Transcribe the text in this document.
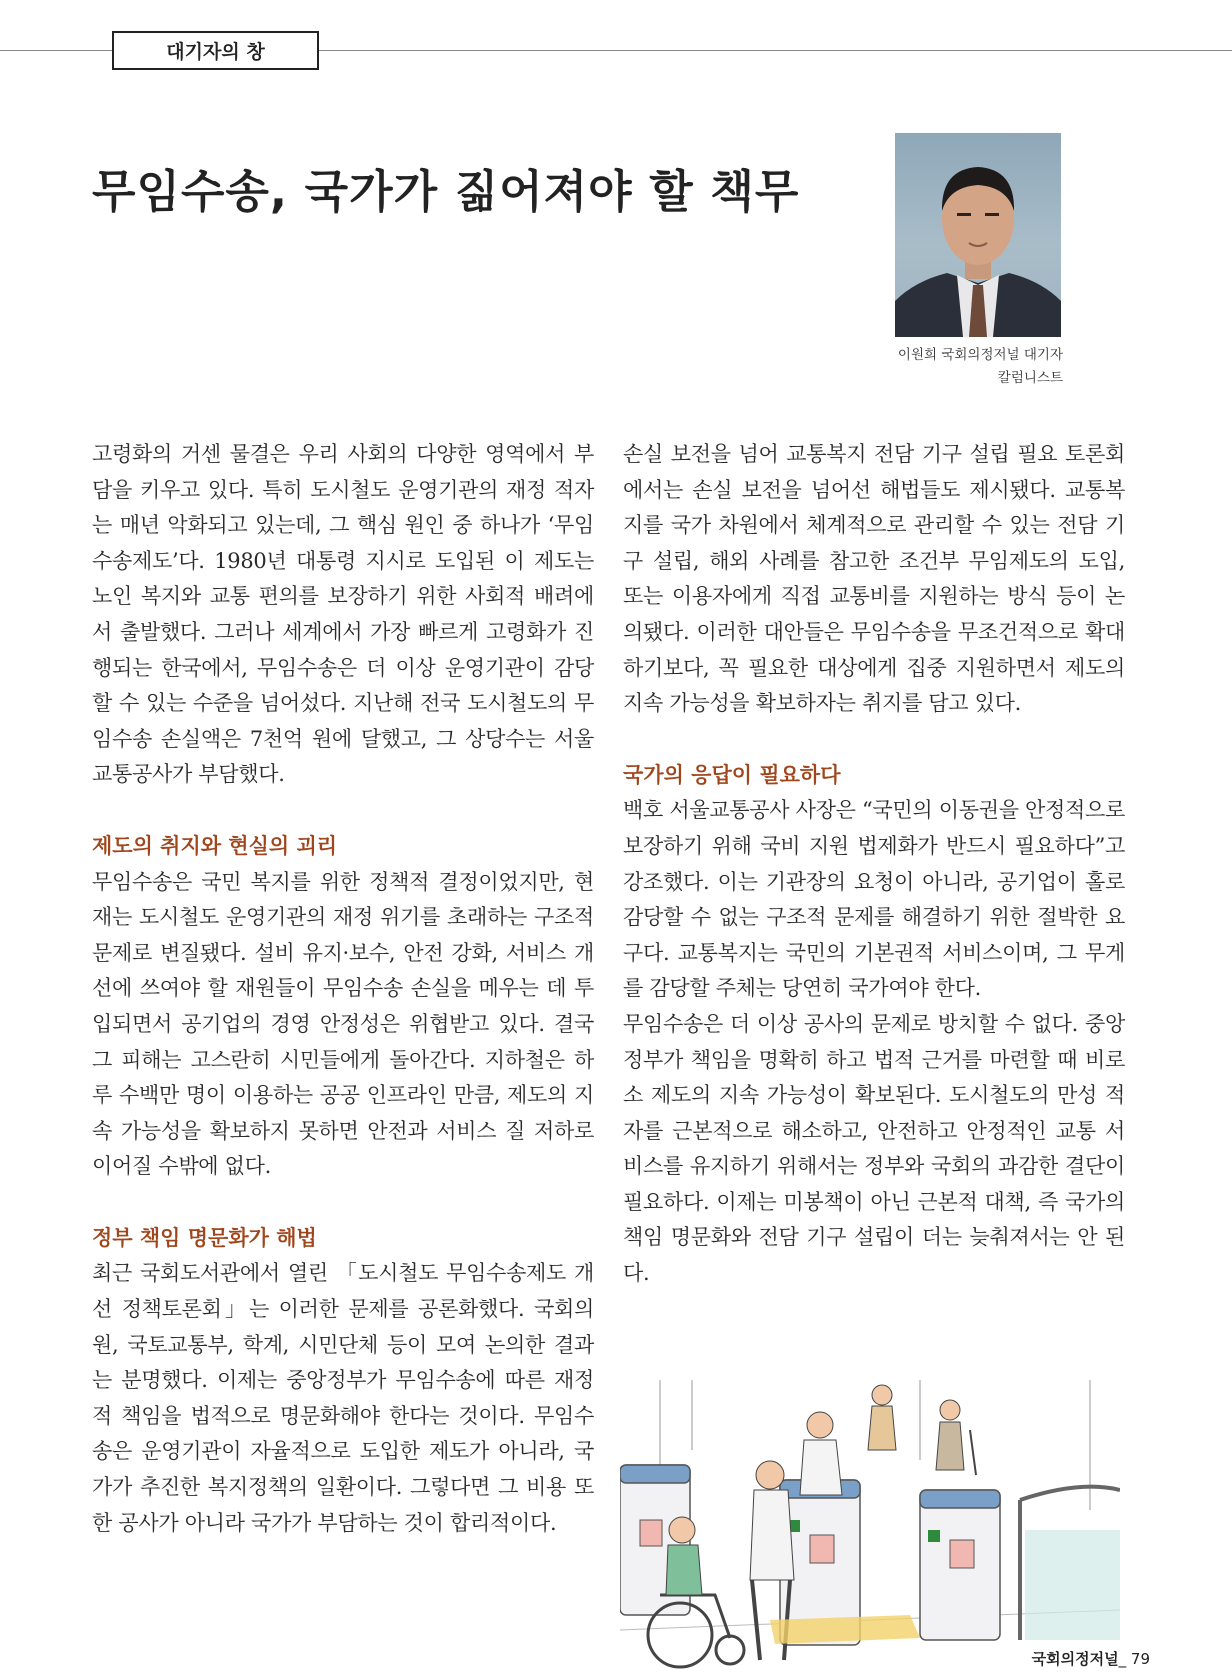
대기자의 창
무임수송, 국가가 짊어져야 할 책무
이원희 국회의정저널 대기자
칼럼니스트

고령화의 거센 물결은 우리 사회의 다양한 영역에서 부담을 키우고 있다. 특히 도시철도 운영기관의 재정 적자는 매년 악화되고 있는데, 그 핵심 원인 중 하나가 ‘무임수송제도’다. 1980년 대통령 지시로 도입된 이 제도는 노인 복지와 교통 편의를 보장하기 위한 사회적 배려에서 출발했다. 그러나 세계에서 가장 빠르게 고령화가 진행되는 한국에서, 무임수송은 더 이상 운영기관이 감당할 수 있는 수준을 넘어섰다. 지난해 전국 도시철도의 무임수송 손실액은 7천억 원에 달했고, 그 상당수는 서울교통공사가 부담했다.

제도의 취지와 현실의 괴리

무임수송은 국민 복지를 위한 정책적 결정이었지만, 현재는 도시철도 운영기관의 재정 위기를 초래하는 구조적 문제로 변질됐다. 설비 유지·보수, 안전 강화, 서비스 개선에 쓰여야 할 재원들이 무임수송 손실을 메우는 데 투입되면서 공기업의 경영 안정성은 위협받고 있다. 결국 그 피해는 고스란히 시민들에게 돌아간다. 지하철은 하루 수백만 명이 이용하는 공공 인프라인 만큼, 제도의 지속 가능성을 확보하지 못하면 안전과 서비스 질 저하로 이어질 수밖에 없다.

정부 책임 명문화가 해법

최근 국회도서관에서 열린 「도시철도 무임수송제도 개선 정책토론회」는 이러한 문제를 공론화했다. 국회의원, 국토교통부, 학계, 시민단체 등이 모여 논의한 결과는 분명했다. 이제는 중앙정부가 무임수송에 따른 재정적 책임을 법적으로 명문화해야 한다는 것이다. 무임수송은 운영기관이 자율적으로 도입한 제도가 아니라, 국가가 추진한 복지정책의 일환이다. 그렇다면 그 비용 또한 공사가 아니라 국가가 부담하는 것이 합리적이다.

손실 보전을 넘어 교통복지 전담 기구 설립 필요 토론회에서는 손실 보전을 넘어선 해법들도 제시됐다. 교통복지를 국가 차원에서 체계적으로 관리할 수 있는 전담 기구 설립, 해외 사례를 참고한 조건부 무임제도의 도입, 또는 이용자에게 직접 교통비를 지원하는 방식 등이 논의됐다. 이러한 대안들은 무임수송을 무조건적으로 확대하기보다, 꼭 필요한 대상에게 집중 지원하면서 제도의 지속 가능성을 확보하자는 취지를 담고 있다.

국가의 응답이 필요하다

백호 서울교통공사 사장은 “국민의 이동권을 안정적으로 보장하기 위해 국비 지원 법제화가 반드시 필요하다”고 강조했다. 이는 기관장의 요청이 아니라, 공기업이 홀로 감당할 수 없는 구조적 문제를 해결하기 위한 절박한 요구다. 교통복지는 국민의 기본권적 서비스이며, 그 무게를 감당할 주체는 당연히 국가여야 한다.

무임수송은 더 이상 공사의 문제로 방치할 수 없다. 중앙정부가 책임을 명확히 하고 법적 근거를 마련할 때 비로소 제도의 지속 가능성이 확보된다. 도시철도의 만성 적자를 근본적으로 해소하고, 안전하고 안정적인 교통 서비스를 유지하기 위해서는 정부와 국회의 과감한 결단이 필요하다. 이제는 미봉책이 아닌 근본적 대책, 즉 국가의 책임 명문화와 전담 기구 설립이 더는 늦춰져서는 안 된다.

국회의정저널_ 79
